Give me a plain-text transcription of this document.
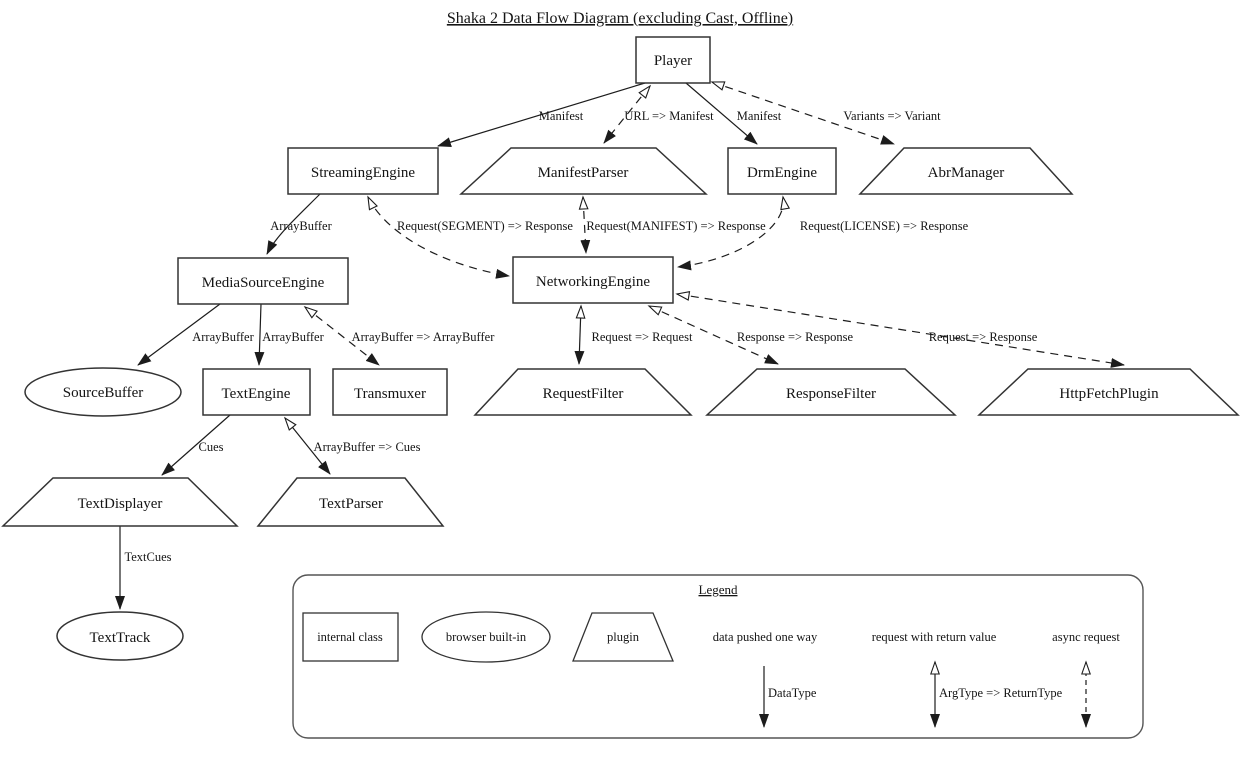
Shaka 2 Data Flow Diagram (excluding Cast, Offline)
Manifest	URL => Manifest Manifest	Variants => Variant
ArrayBuffer	Request(SEGMENT) => Response Request(MANIFEST) => Response	Request(LICENSE) => Response
ArrayBuffer ArrayBuffer ArrayBuffer => ArrayBuffer	Request => Request	Response => Response	Request => Response
Cues	ArrayBuffer => Cues
TextCues
Player
StreamingEngine	ManifestParser	DrmEngine	AbrManager
MediaSourceEngine	NetworkingEngine
SourceBuffer	TextEngine	Transmuxer	RequestFilter	ResponseFilter	HttpFetchPlugin
TextDisplayer	TextParser
TextTrack
Legend
internal class	browser built-in	plugin	data pushed one way	request with return value	async request
DataType	ArgType => ReturnType
